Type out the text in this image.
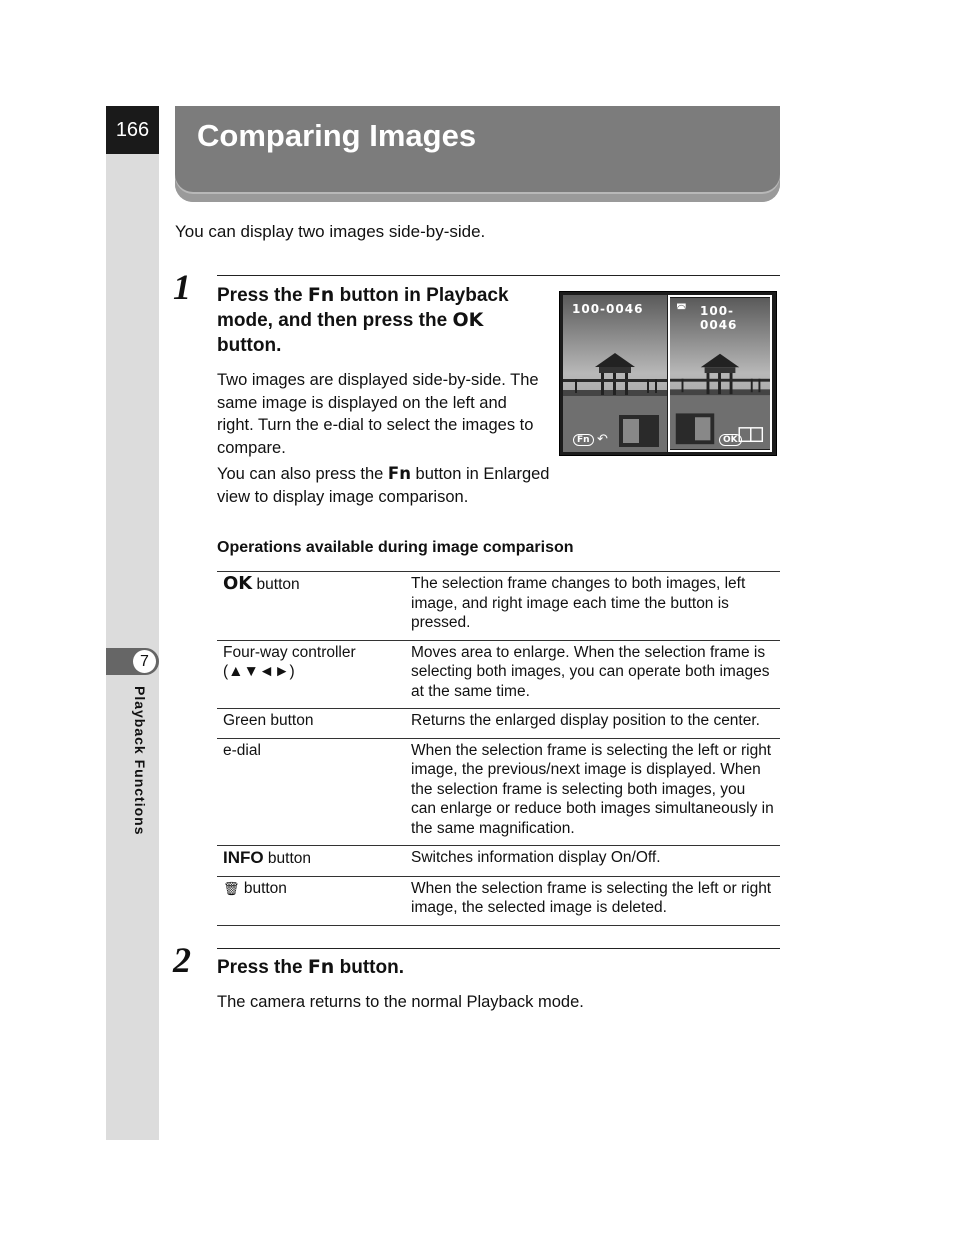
166
7
Playback Functions
Comparing Images
You can display two images side-by-side.
1 Press the Fn button in Playback mode, and then press the OK button.
Two images are displayed side-by-side. The same image is displayed on the left and right. Turn the e-dial to select the images to compare.
You can also press the Fn button in Enlarged view to display image comparison.
100-0046
Fn ↶
◚ 100-0046
OK
Operations available during image comparison
OK button	The selection frame changes to both images, left image, and right image each time the button is pressed.
Four-way controller (▲▼◄►)	Moves area to enlarge. When the selection frame is selecting both images, you can operate both images at the same time.
Green button	Returns the enlarged display position to the center.
e-dial	When the selection frame is selecting the left or right image, the previous/next image is displayed. When the selection frame is selecting both images, you can enlarge or reduce both images simultaneously in the same magnification.
INFO button	Switches information display On/Off.
🗑 button	When the selection frame is selecting the left or right image, the selected image is deleted.
2 Press the Fn button.
The camera returns to the normal Playback mode.
